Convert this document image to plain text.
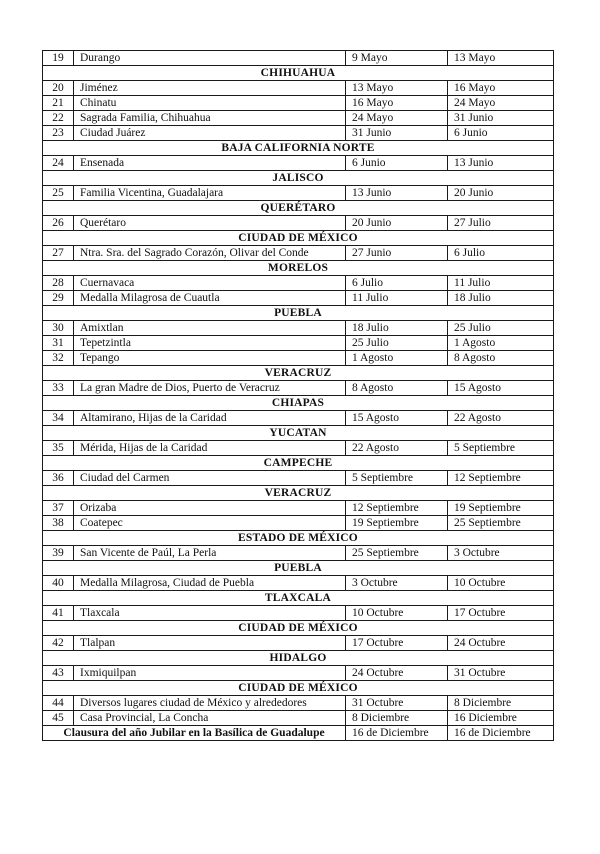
19	Durango	9 Mayo	13 Mayo
CHIHUAHUA			
20	Jiménez	13 Mayo	16 Mayo
21	Chinatu	16 Mayo	24 Mayo
22	Sagrada Familia, Chihuahua	24 Mayo	31 Junio
23	Ciudad Juárez	31 Junio	6 Junio
BAJA CALIFORNIA NORTE			
24	Ensenada	6 Junio	13 Junio
JALISCO			
25	Familia Vicentina, Guadalajara	13 Junio	20 Junio
QUERÉTARO			
26	Querétaro	20 Junio	27 Julio
CIUDAD DE MÉXICO			
27	Ntra. Sra. del Sagrado Corazón, Olivar del Conde	27 Junio	6 Julio
MORELOS			
28	Cuernavaca	6 Julio	11 Julio
29	Medalla Milagrosa de Cuautla	11 Julio	18 Julio
PUEBLA			
30	Amixtlan	18 Julio	25 Julio
31	Tepetzintla	25 Julio	1 Agosto
32	Tepango	1 Agosto	8 Agosto
VERACRUZ			
33	La gran Madre de Dios, Puerto de Veracruz	8 Agosto	15 Agosto
CHIAPAS			
34	Altamirano, Hijas de la Caridad	15 Agosto	22 Agosto
YUCATAN			
35	Mérida, Hijas de la Caridad	22 Agosto	5 Septiembre
CAMPECHE			
36	Ciudad del Carmen	5 Septiembre	12 Septiembre
VERACRUZ			
37	Orizaba	12 Septiembre	19 Septiembre
38	Coatepec	19 Septiembre	25 Septiembre
ESTADO DE MÉXICO			
39	San Vicente de Paúl, La Perla	25 Septiembre	3 Octubre
PUEBLA			
40	Medalla Milagrosa, Ciudad de Puebla	3 Octubre	10 Octubre
TLAXCALA			
41	Tlaxcala	10 Octubre	17 Octubre
CIUDAD DE MÉXICO			
42	Tlalpan	17 Octubre	24 Octubre
HIDALGO			
43	Ixmiquilpan	24 Octubre	31 Octubre
CIUDAD DE MÉXICO			
44	Diversos lugares ciudad de México y alrededores	31 Octubre	8 Diciembre
45	Casa Provincial, La Concha	8 Diciembre	16 Diciembre
Clausura del año Jubilar en la Basílica de Guadalupe		16 de Diciembre	16 de Diciembre
